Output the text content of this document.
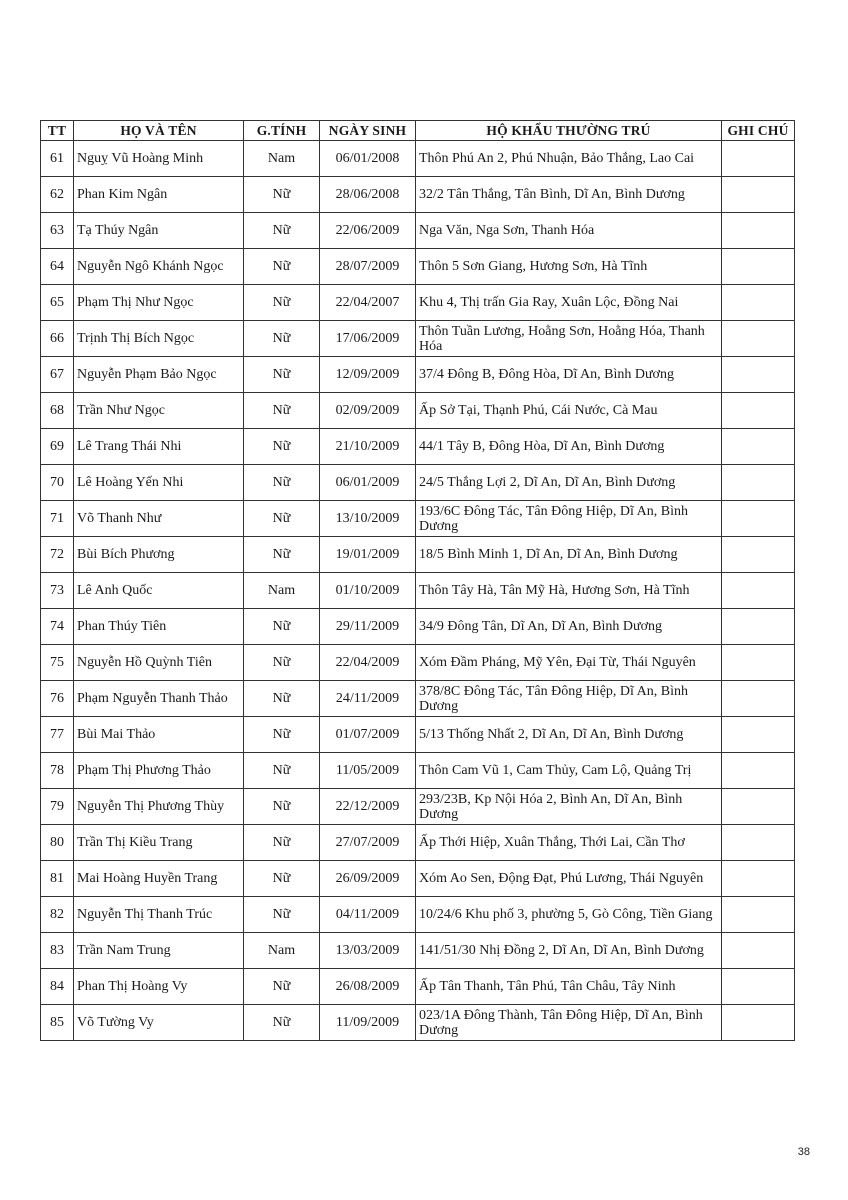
TT	HỌ VÀ TÊN	G.TÍNH	NGÀY SINH	HỘ KHẨU THƯỜNG TRÚ	GHI CHÚ
61	Nguỵ Vũ Hoàng Minh	Nam	06/01/2008	Thôn Phú An 2, Phú Nhuận, Bảo Thắng, Lao Cai	
62	Phan Kim Ngân	Nữ	28/06/2008	32/2 Tân Thắng, Tân Bình, Dĩ An, Bình Dương	
63	Tạ Thúy Ngân	Nữ	22/06/2009	Nga Văn, Nga Sơn, Thanh Hóa	
64	Nguyễn Ngô Khánh Ngọc	Nữ	28/07/2009	Thôn 5 Sơn Giang, Hương Sơn, Hà Tĩnh	
65	Phạm Thị Như Ngọc	Nữ	22/04/2007	Khu 4, Thị trấn Gia Ray, Xuân Lộc, Đồng Nai	
66	Trịnh Thị Bích Ngọc	Nữ	17/06/2009	Thôn Tuần Lương, Hoằng Sơn, Hoằng Hóa, Thanh Hóa	
67	Nguyễn Phạm Bảo Ngọc	Nữ	12/09/2009	37/4 Đông B, Đông Hòa, Dĩ An, Bình Dương	
68	Trần Như Ngọc	Nữ	02/09/2009	Ấp Sở Tại, Thạnh Phú, Cái Nước, Cà Mau	
69	Lê Trang Thái Nhi	Nữ	21/10/2009	44/1 Tây B, Đông Hòa, Dĩ An, Bình Dương	
70	Lê Hoàng Yến Nhi	Nữ	06/01/2009	24/5 Thắng Lợi 2, Dĩ An, Dĩ An, Bình Dương	
71	Võ Thanh Như	Nữ	13/10/2009	193/6C Đông Tác, Tân Đông Hiệp, Dĩ An, Bình Dương	
72	Bùi Bích Phương	Nữ	19/01/2009	18/5 Bình Minh 1, Dĩ An, Dĩ An, Bình Dương	
73	Lê Anh Quốc	Nam	01/10/2009	Thôn Tây Hà, Tân Mỹ Hà, Hương Sơn, Hà Tĩnh	
74	Phan Thúy Tiên	Nữ	29/11/2009	34/9 Đông Tân, Dĩ An, Dĩ An, Bình Dương	
75	Nguyễn Hồ Quỳnh Tiên	Nữ	22/04/2009	Xóm Đầm Pháng, Mỹ Yên, Đại Từ, Thái Nguyên	
76	Phạm Nguyễn Thanh Thảo	Nữ	24/11/2009	378/8C Đông Tác, Tân Đông Hiệp, Dĩ An, Bình Dương	
77	Bùi Mai Thảo	Nữ	01/07/2009	5/13 Thống Nhất 2, Dĩ An, Dĩ An, Bình Dương	
78	Phạm Thị Phương Thảo	Nữ	11/05/2009	Thôn Cam Vũ 1, Cam Thủy, Cam Lộ, Quảng Trị	
79	Nguyễn Thị Phương Thùy	Nữ	22/12/2009	293/23B, Kp Nội Hóa 2, Bình An, Dĩ An, Bình Dương	
80	Trần Thị Kiều Trang	Nữ	27/07/2009	Ấp Thới Hiệp, Xuân Thắng, Thới Lai, Cần Thơ	
81	Mai Hoàng Huyền Trang	Nữ	26/09/2009	Xóm Ao Sen, Động Đạt, Phú Lương, Thái Nguyên	
82	Nguyễn Thị Thanh Trúc	Nữ	04/11/2009	10/24/6 Khu phố 3, phường 5, Gò Công, Tiền Giang	
83	Trần Nam Trung	Nam	13/03/2009	141/51/30 Nhị Đồng 2, Dĩ An, Dĩ An, Bình Dương	
84	Phan Thị Hoàng Vy	Nữ	26/08/2009	Ấp Tân Thanh, Tân Phú, Tân Châu, Tây Ninh	
85	Võ Tường Vy	Nữ	11/09/2009	023/1A Đông Thành, Tân Đông Hiệp, Dĩ An, Bình Dương	
38
